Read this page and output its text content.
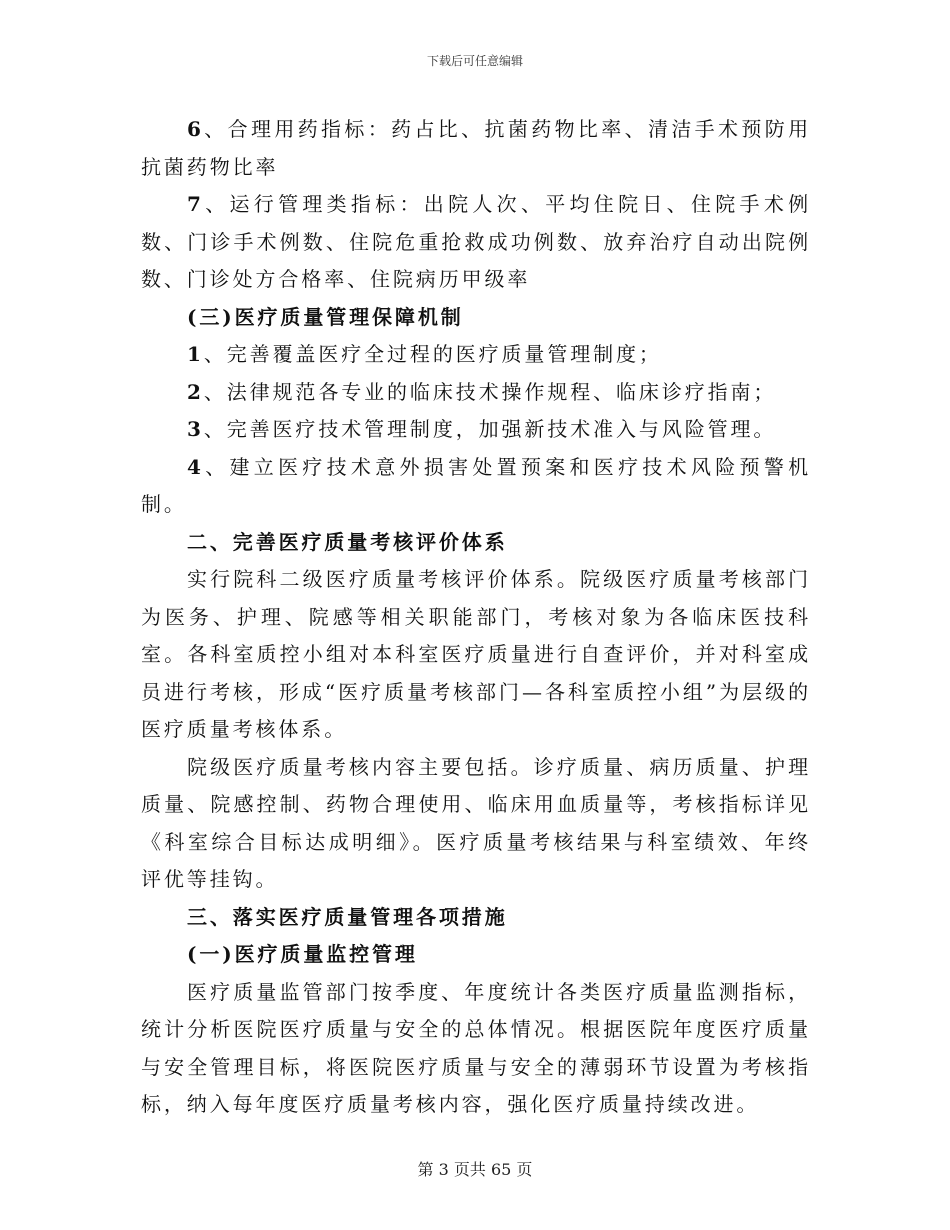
下载后可任意编辑

6、合理用药指标：药占比、抗菌药物比率、清洁手术预防用抗菌药物比率

7、运行管理类指标：出院人次、平均住院日、住院手术例数、门诊手术例数、住院危重抢救成功例数、放弃治疗自动出院例数、门诊处方合格率、住院病历甲级率

(三)医疗质量管理保障机制

1、完善覆盖医疗全过程的医疗质量管理制度；

2、法律规范各专业的临床技术操作规程、临床诊疗指南；

3、完善医疗技术管理制度，加强新技术准入与风险管理。

4、建立医疗技术意外损害处置预案和医疗技术风险预警机制。

二、完善医疗质量考核评价体系

实行院科二级医疗质量考核评价体系。院级医疗质量考核部门为医务、护理、院感等相关职能部门，考核对象为各临床医技科室。各科室质控小组对本科室医疗质量进行自查评价，并对科室成员进行考核，形成“医疗质量考核部门—各科室质控小组”为层级的医疗质量考核体系。

院级医疗质量考核内容主要包括。诊疗质量、病历质量、护理质量、院感控制、药物合理使用、临床用血质量等，考核指标详见《科室综合目标达成明细》。医疗质量考核结果与科室绩效、年终评优等挂钩。

三、落实医疗质量管理各项措施

(一)医疗质量监控管理

医疗质量监管部门按季度、年度统计各类医疗质量监测指标，统计分析医院医疗质量与安全的总体情况。根据医院年度医疗质量与安全管理目标，将医院医疗质量与安全的薄弱环节设置为考核指标，纳入每年度医疗质量考核内容，强化医疗质量持续改进。

第 3 页共 65 页
